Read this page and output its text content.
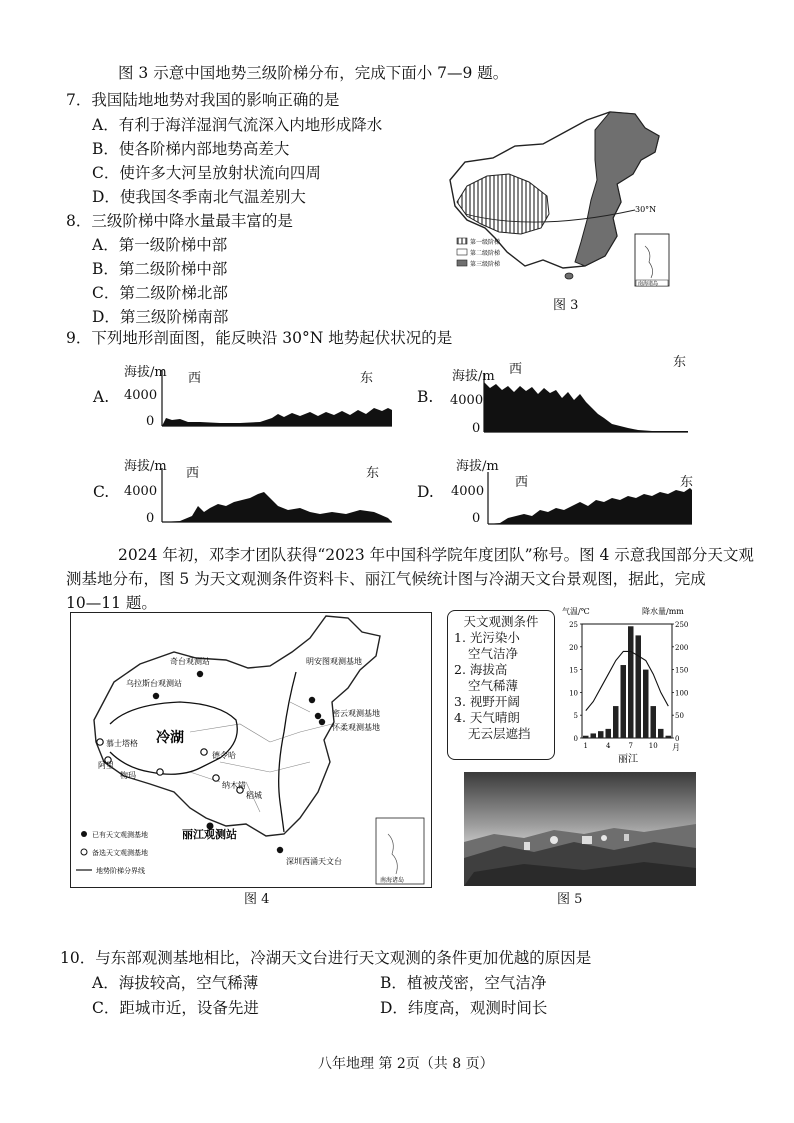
图 3 示意中国地势三级阶梯分布，完成下面小 7—9 题。
7．我国陆地地势对我国的影响正确的是
A．有利于海洋湿润气流深入内地形成降水
B．使各阶梯内部地势高差大
C．使许多大河呈放射状流向四周
D．使我国冬季南北气温差别大
8．三级阶梯中降水量最丰富的是
A．第一级阶梯中部
B．第二级阶梯中部
C．第二级阶梯北部
D．第三级阶梯南部
30°N
第一级阶梯
第二级阶梯
第三级阶梯
南海诸岛
图 3
9．下列地形剖面图，能反映沿 30°N 地势起伏状况的是
海拔/m 西	东
A. 4000
0
海拔/m 西	东
B. 4000
0
海拔/m 西	东
C. 4000
0
海拔/m
西	东
D. 4000
0
2024 年初，邓李才团队获得“2023 年中国科学院年度团队”称号。图 4 示意我国部分天文观
测基地分布，图 5 为天文观测条件资料卡、丽江气候统计图与冷湖天文台景观图，据此，完成
10—11 题。
奇台观测站
乌拉斯台观测站
明安图观测基地
密云观测基地
怀柔观测基地
慕士塔格
阿里
物玛
德令哈
纳木错
稻城
丽江观测站
深圳西涌天文台
冷湖
已有天文观测基地
备选天文观测基地
地势阶梯分界线
南海诸岛
图 4
天文观测条件
1. 光污染小
空气洁净
2. 海拔高
空气稀薄
3. 视野开阔
4. 天气晴朗
无云层遮挡
气温/℃	降水量/mm
0
5
10
15
20
25
0
50
100
150
200
250
1	4	7 10 月
丽江
图 5
10．与东部观测基地相比，冷湖天文台进行天文观测的条件更加优越的原因是
A．海拔较高，空气稀薄	B．植被茂密，空气洁净
C．距城市近，设备先进	D．纬度高，观测时间长
八年地理 第 2页（共 8 页）
